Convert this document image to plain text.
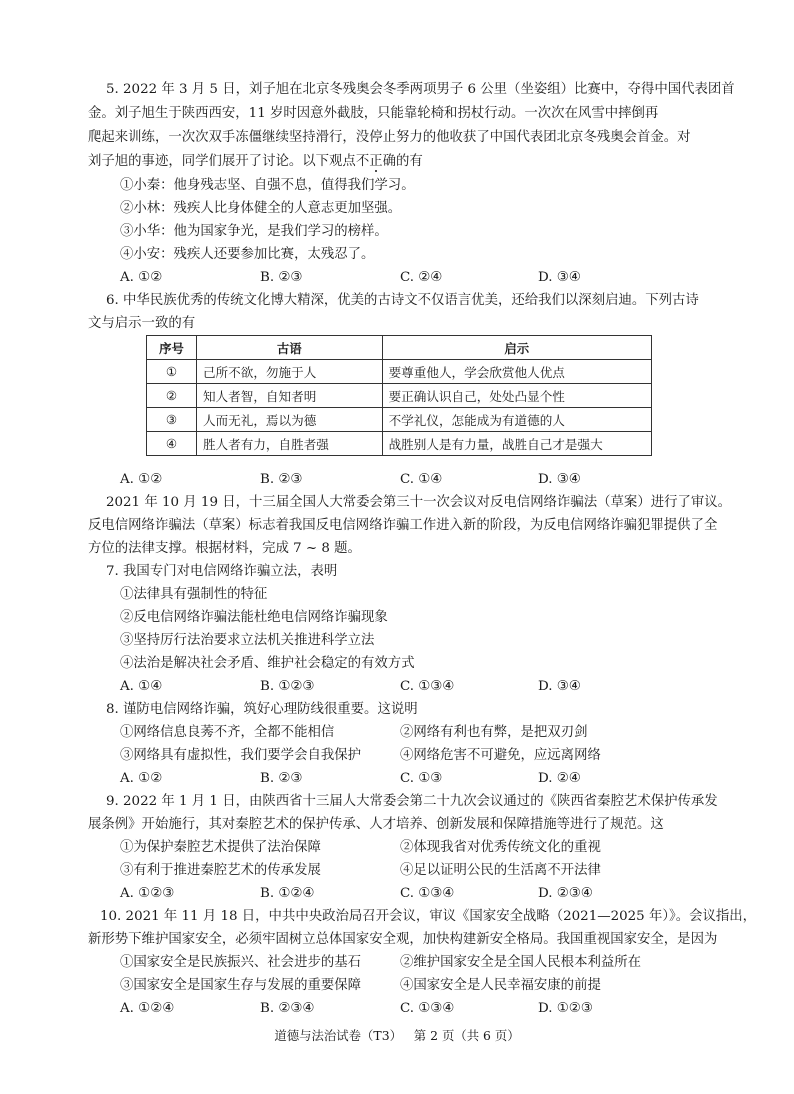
5. 2022 年 3 月 5 日，刘子旭在北京冬残奥会冬季两项男子 6 公里（坐姿组）比赛中，夺得中国代表团首
金。刘子旭生于陕西西安，11 岁时因意外截肢，只能靠轮椅和拐杖行动。一次次在风雪中摔倒再
爬起来训练，一次次双手冻僵继续坚持滑行，没停止努力的他收获了中国代表团北京冬残奥会首金。对
刘子旭的事迹，同学们展开了讨论。以下观点不正确的有
①小秦：他身残志坚、自强不息，值得我们学习。
②小林：残疾人比身体健全的人意志更加坚强。
③小华：他为国家争光，是我们学习的榜样。
④小安：残疾人还要参加比赛，太残忍了。
A. ①②	B. ②③	C. ②④	D. ③④
6. 中华民族优秀的传统文化博大精深，优美的古诗文不仅语言优美，还给我们以深刻启迪。下列古诗
文与启示一致的有
序号	古语	启示
①	己所不欲，勿施于人	要尊重他人，学会欣赏他人优点
②	知人者智，自知者明	要正确认识自己，处处凸显个性
③	人而无礼，焉以为德	不学礼仪，怎能成为有道德的人
④	胜人者有力，自胜者强	战胜别人是有力量，战胜自己才是强大
A. ①②	B. ②③	C. ①④	D. ③④
2021 年 10 月 19 日，十三届全国人大常委会第三十一次会议对反电信网络诈骗法（草案）进行了审议。
反电信网络诈骗法（草案）标志着我国反电信网络诈骗工作进入新的阶段，为反电信网络诈骗犯罪提供了全
方位的法律支撑。根据材料，完成 7 ~ 8 题。
7. 我国专门对电信网络诈骗立法，表明
①法律具有强制性的特征
②反电信网络诈骗法能杜绝电信网络诈骗现象
③坚持厉行法治要求立法机关推进科学立法
④法治是解决社会矛盾、维护社会稳定的有效方式
A. ①④	B. ①②③	C. ①③④	D. ③④
8. 谨防电信网络诈骗，筑好心理防线很重要。这说明
①网络信息良莠不齐，全都不能相信	②网络有利也有弊，是把双刃剑
③网络具有虚拟性，我们要学会自我保护	④网络危害不可避免，应远离网络
A. ①②	B. ②③	C. ①③	D. ②④
9. 2022 年 1 月 1 日，由陕西省十三届人大常委会第二十九次会议通过的《陕西省秦腔艺术保护传承发
展条例》开始施行，其对秦腔艺术的保护传承、人才培养、创新发展和保障措施等进行了规范。这
①为保护秦腔艺术提供了法治保障	②体现我省对优秀传统文化的重视
③有利于推进秦腔艺术的传承发展	④足以证明公民的生活离不开法律
A. ①②③	B. ①②④	C. ①③④	D. ②③④
10. 2021 年 11 月 18 日，中共中央政治局召开会议，审议《国家安全战略（2021—2025 年）》。会议指出，
新形势下维护国家安全，必须牢固树立总体国家安全观，加快构建新安全格局。我国重视国家安全，是因为
①国家安全是民族振兴、社会进步的基石	②维护国家安全是全国人民根本利益所在
③国家安全是国家生存与发展的重要保障	④国家安全是人民幸福安康的前提
A. ①②④	B. ②③④	C. ①③④	D. ①②③
道德与法治试卷（T3）   第 2 页（共 6 页）
